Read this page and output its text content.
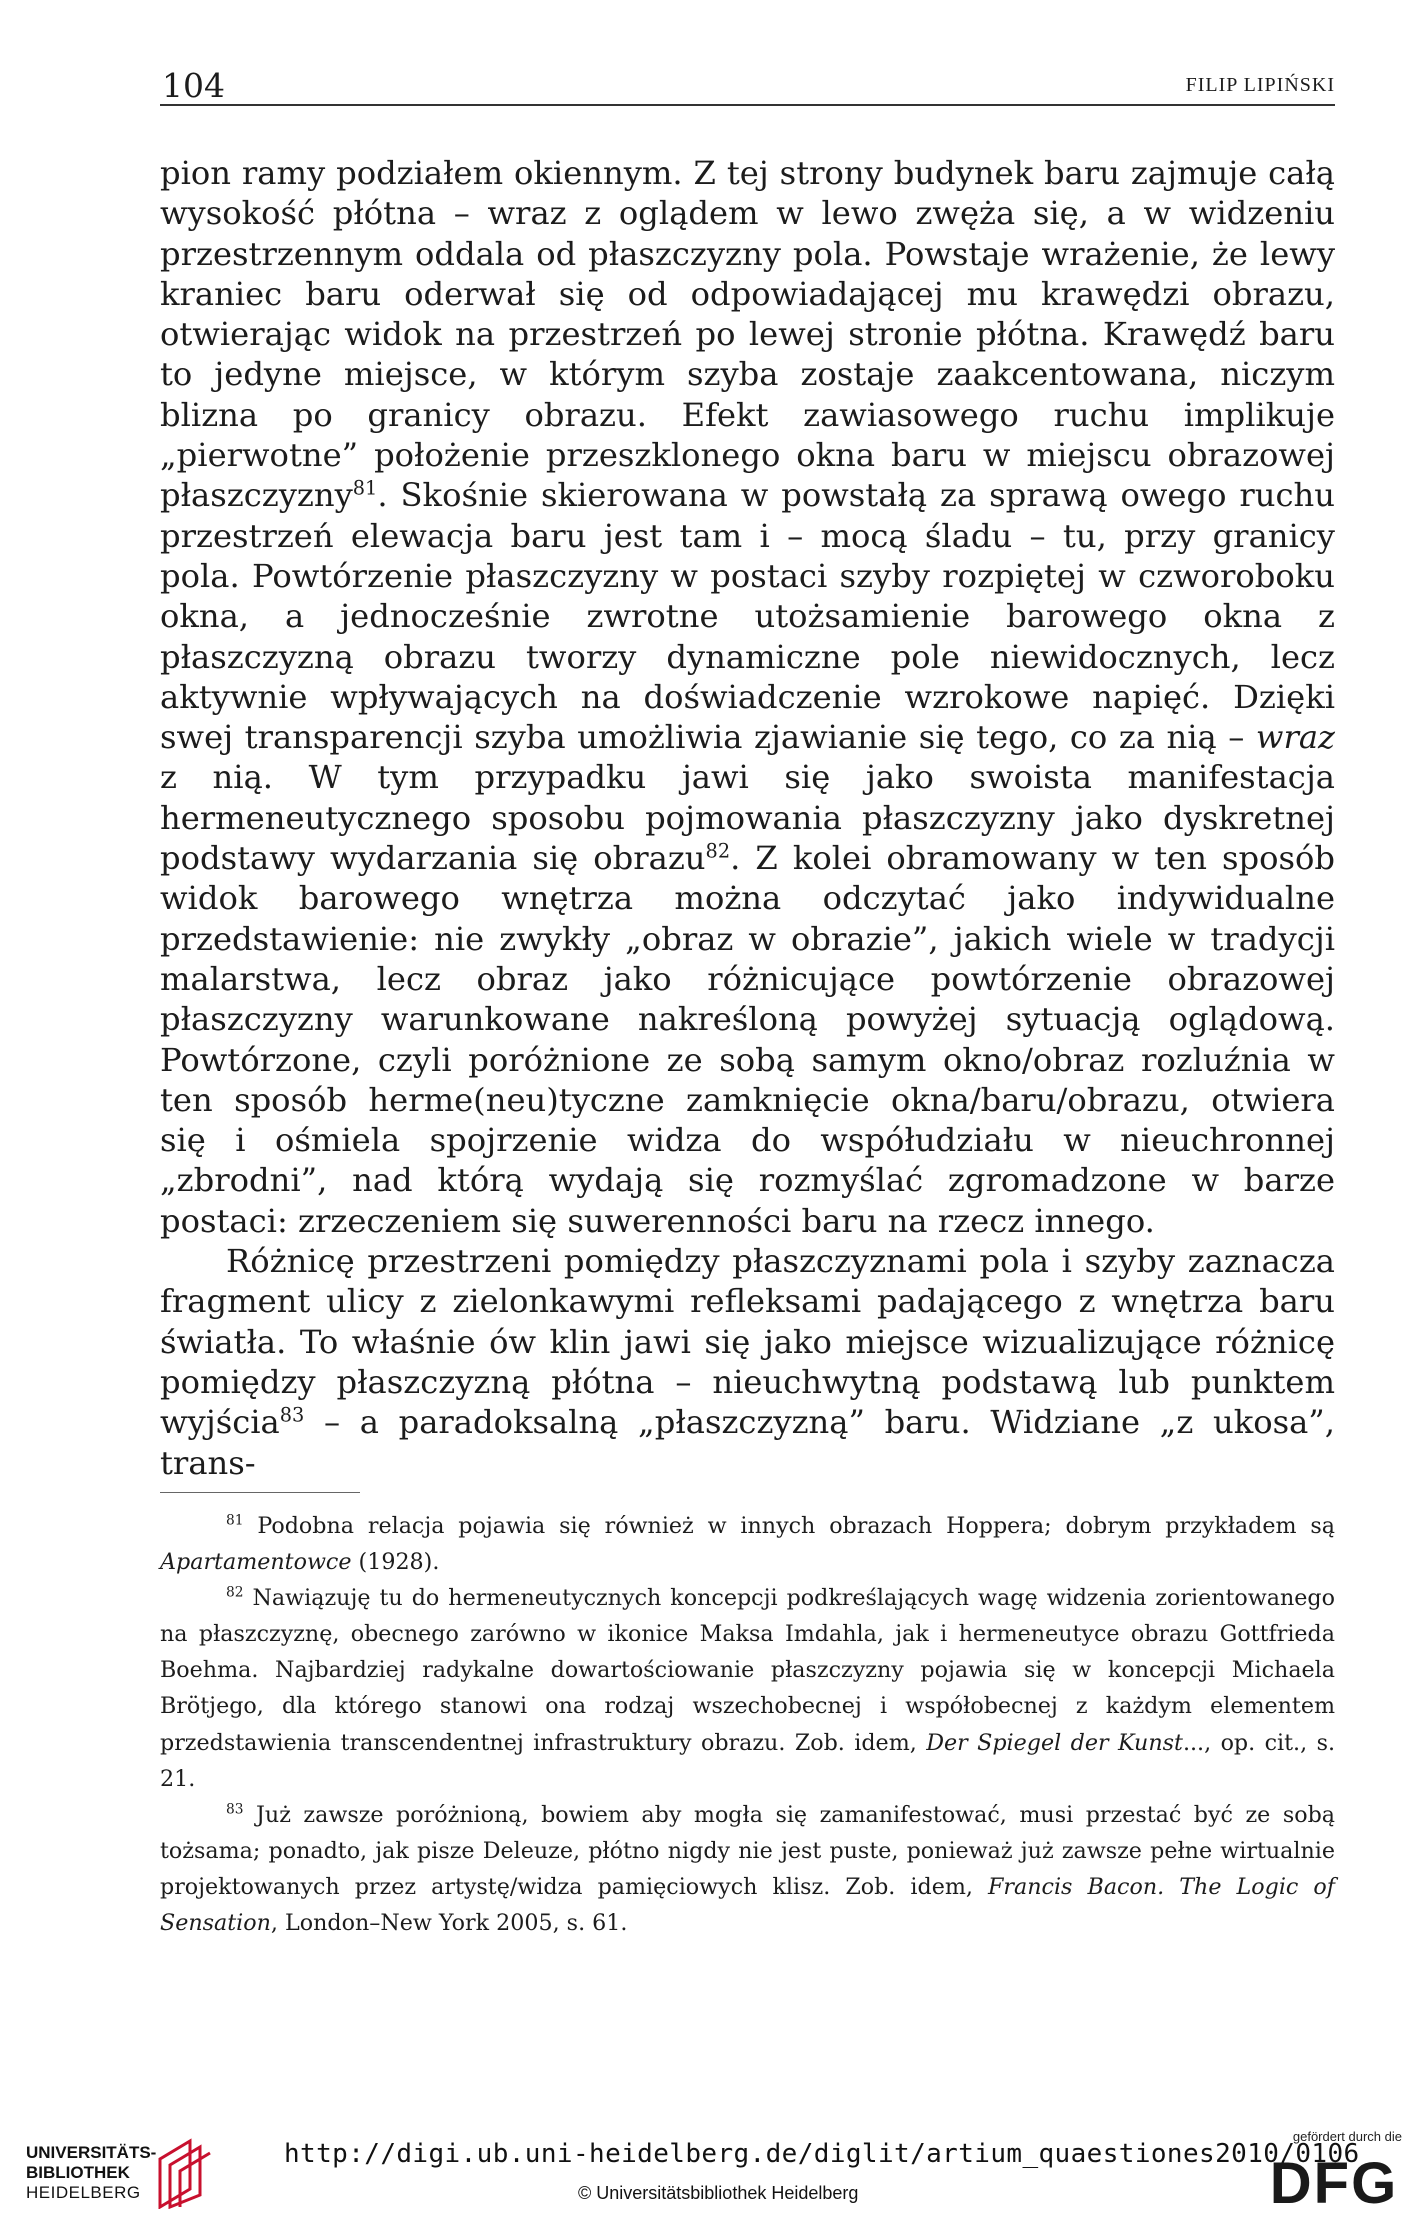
104	FILIP LIPIŃSKI

pion ramy podziałem okiennym. Z tej strony budynek baru zajmuje całą wysokość płótna – wraz z oglądem w lewo zwęża się, a w widzeniu przestrzennym oddala od płaszczyzny pola. Powstaje wrażenie, że lewy kraniec baru oderwał się od odpowiadającej mu krawędzi obrazu, otwierając widok na przestrzeń po lewej stronie płótna. Krawędź baru to jedyne miejsce, w którym szyba zostaje zaakcentowana, niczym blizna po granicy obrazu. Efekt zawiasowego ruchu implikuje „pierwotne” położenie przeszklonego okna baru w miejscu obrazowej płaszczyzny$^{81}$. Skośnie skierowana w powstałą za sprawą owego ruchu przestrzeń elewacja baru jest tam i – mocą śladu – tu, przy granicy pola. Powtórzenie płaszczyzny w postaci szyby rozpiętej w czworoboku okna, a jednocześnie zwrotne utożsamienie barowego okna z płaszczyzną obrazu tworzy dynamiczne pole niewidocznych, lecz aktywnie wpływających na doświadczenie wzrokowe napięć. Dzięki swej transparencji szyba umożliwia zjawianie się tego, co za nią – wraz z nią. W tym przypadku jawi się jako swoista manifestacja hermeneutycznego sposobu pojmowania płaszczyzny jako dyskretnej podstawy wydarzania się obrazu$^{82}$. Z kolei obramowany w ten sposób widok barowego wnętrza można odczytać jako indywidualne przedstawienie: nie zwykły „obraz w obrazie”, jakich wiele w tradycji malarstwa, lecz obraz jako różnicujące powtórzenie obrazowej płaszczyzny warunkowane nakreśloną powyżej sytuacją oglądową. Powtórzone, czyli poróżnione ze sobą samym okno/obraz rozluźnia w ten sposób herme(neu)tyczne zamknięcie okna/baru/obrazu, otwiera się i ośmiela spojrzenie widza do współudziału w nieuchronnej „zbrodni”, nad którą wydają się rozmyślać zgromadzone w barze postaci: zrzeczeniem się suwerenności baru na rzecz innego.

Różnicę przestrzeni pomiędzy płaszczyznami pola i szyby zaznacza fragment ulicy z zielonkawymi refleksami padającego z wnętrza baru światła. To właśnie ów klin jawi się jako miejsce wizualizujące różnicę pomiędzy płaszczyzną płótna – nieuchwytną podstawą lub punktem wyjścia$^{83}$ – a paradoksalną „płaszczyzną” baru. Widziane „z ukosa”, trans-

$^{81}$ Podobna relacja pojawia się również w innych obrazach Hoppera; dobrym przykładem są Apartamentowce (1928).

$^{82}$ Nawiązuję tu do hermeneutycznych koncepcji podkreślających wagę widzenia zorientowanego na płaszczyznę, obecnego zarówno w ikonice Maksa Imdahla, jak i hermeneutyce obrazu Gottfrieda Boehma. Najbardziej radykalne dowartościowanie płaszczyzny pojawia się w koncepcji Michaela Brötjego, dla którego stanowi ona rodzaj wszechobecnej i współobecnej z każdym elementem przedstawienia transcendentnej infrastruktury obrazu. Zob. idem, Der Spiegel der Kunst..., op. cit., s. 21.

$^{83}$ Już zawsze poróżnioną, bowiem aby mogła się zamanifestować, musi przestać być ze sobą tożsama; ponadto, jak pisze Deleuze, płótno nigdy nie jest puste, ponieważ już zawsze pełne wirtualnie projektowanych przez artystę/widza pamięciowych klisz. Zob. idem, Francis Bacon. The Logic of Sensation, London–New York 2005, s. 61.

UNIVERSITÄTS-
BIBLIOTHEK
HEIDELBERG
http://digi.ub.uni-heidelberg.de/diglit/artium_quaestiones2010/0106
© Universitätsbibliothek Heidelberg
gefördert durch die
DFG
